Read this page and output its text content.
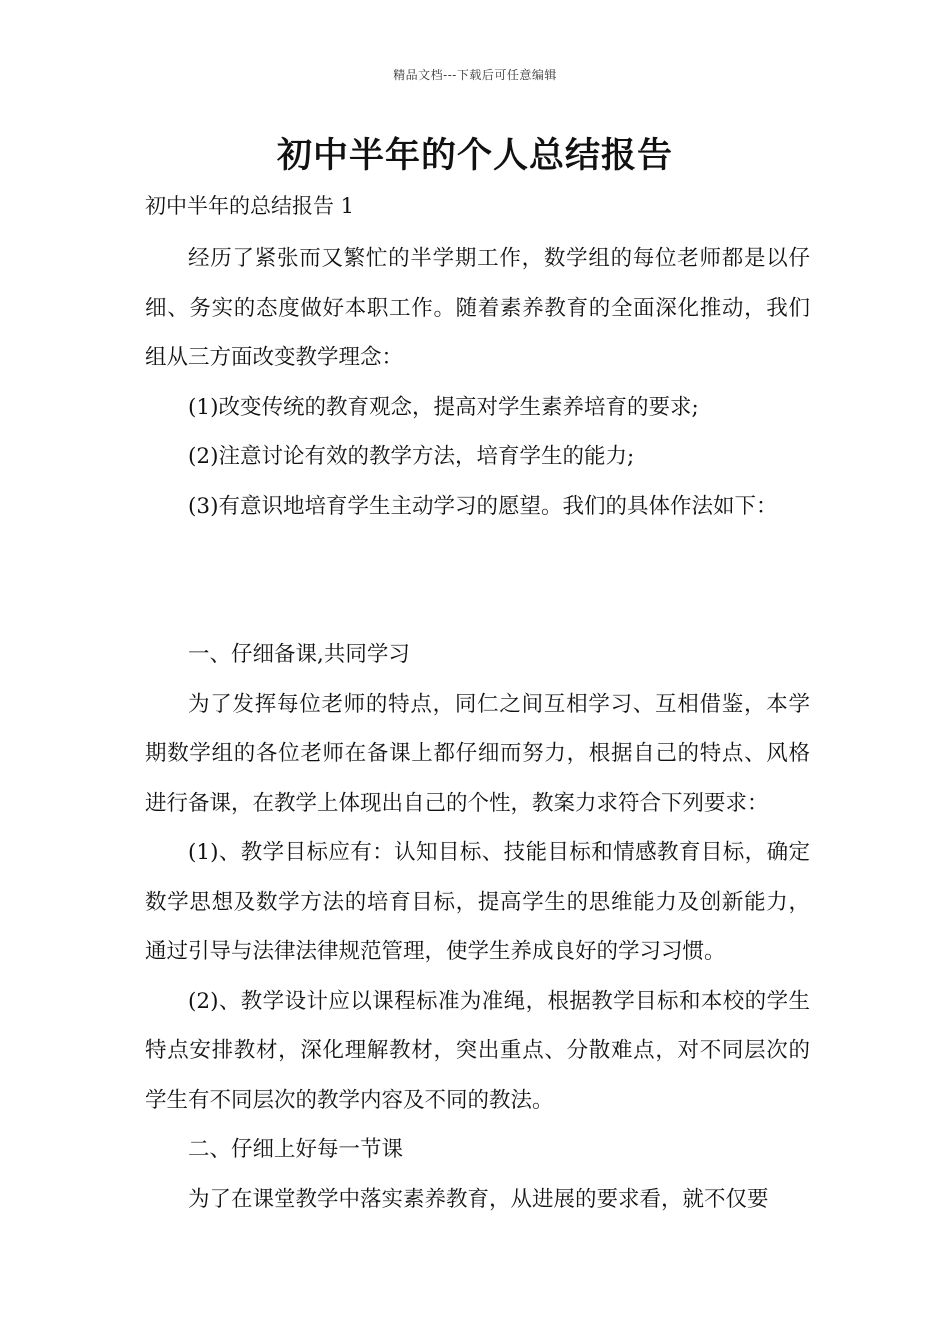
精品文档---下载后可任意编辑
初中半年的个人总结报告
初中半年的总结报告 1

经历了紧张而又繁忙的半学期工作，数学组的每位老师都是以仔细、务实的态度做好本职工作。随着素养教育的全面深化推动，我们组从三方面改变教学理念：

(1)改变传统的教育观念，提高对学生素养培育的要求;

(2)注意讨论有效的教学方法，培育学生的能力;

(3)有意识地培育学生主动学习的愿望。我们的具体作法如下：

一、仔细备课,共同学习

为了发挥每位老师的特点，同仁之间互相学习、互相借鉴，本学期数学组的各位老师在备课上都仔细而努力，根据自己的特点、风格进行备课，在教学上体现出自己的个性，教案力求符合下列要求：

(1)、教学目标应有：认知目标、技能目标和情感教育目标，确定数学思想及数学方法的培育目标，提高学生的思维能力及创新能力，通过引导与法律法律规范管理，使学生养成良好的学习习惯。

(2)、教学设计应以课程标准为准绳，根据教学目标和本校的学生特点安排教材，深化理解教材，突出重点、分散难点，对不同层次的学生有不同层次的教学内容及不同的教法。

二、仔细上好每一节课

为了在课堂教学中落实素养教育，从进展的要求看，就不仅要
